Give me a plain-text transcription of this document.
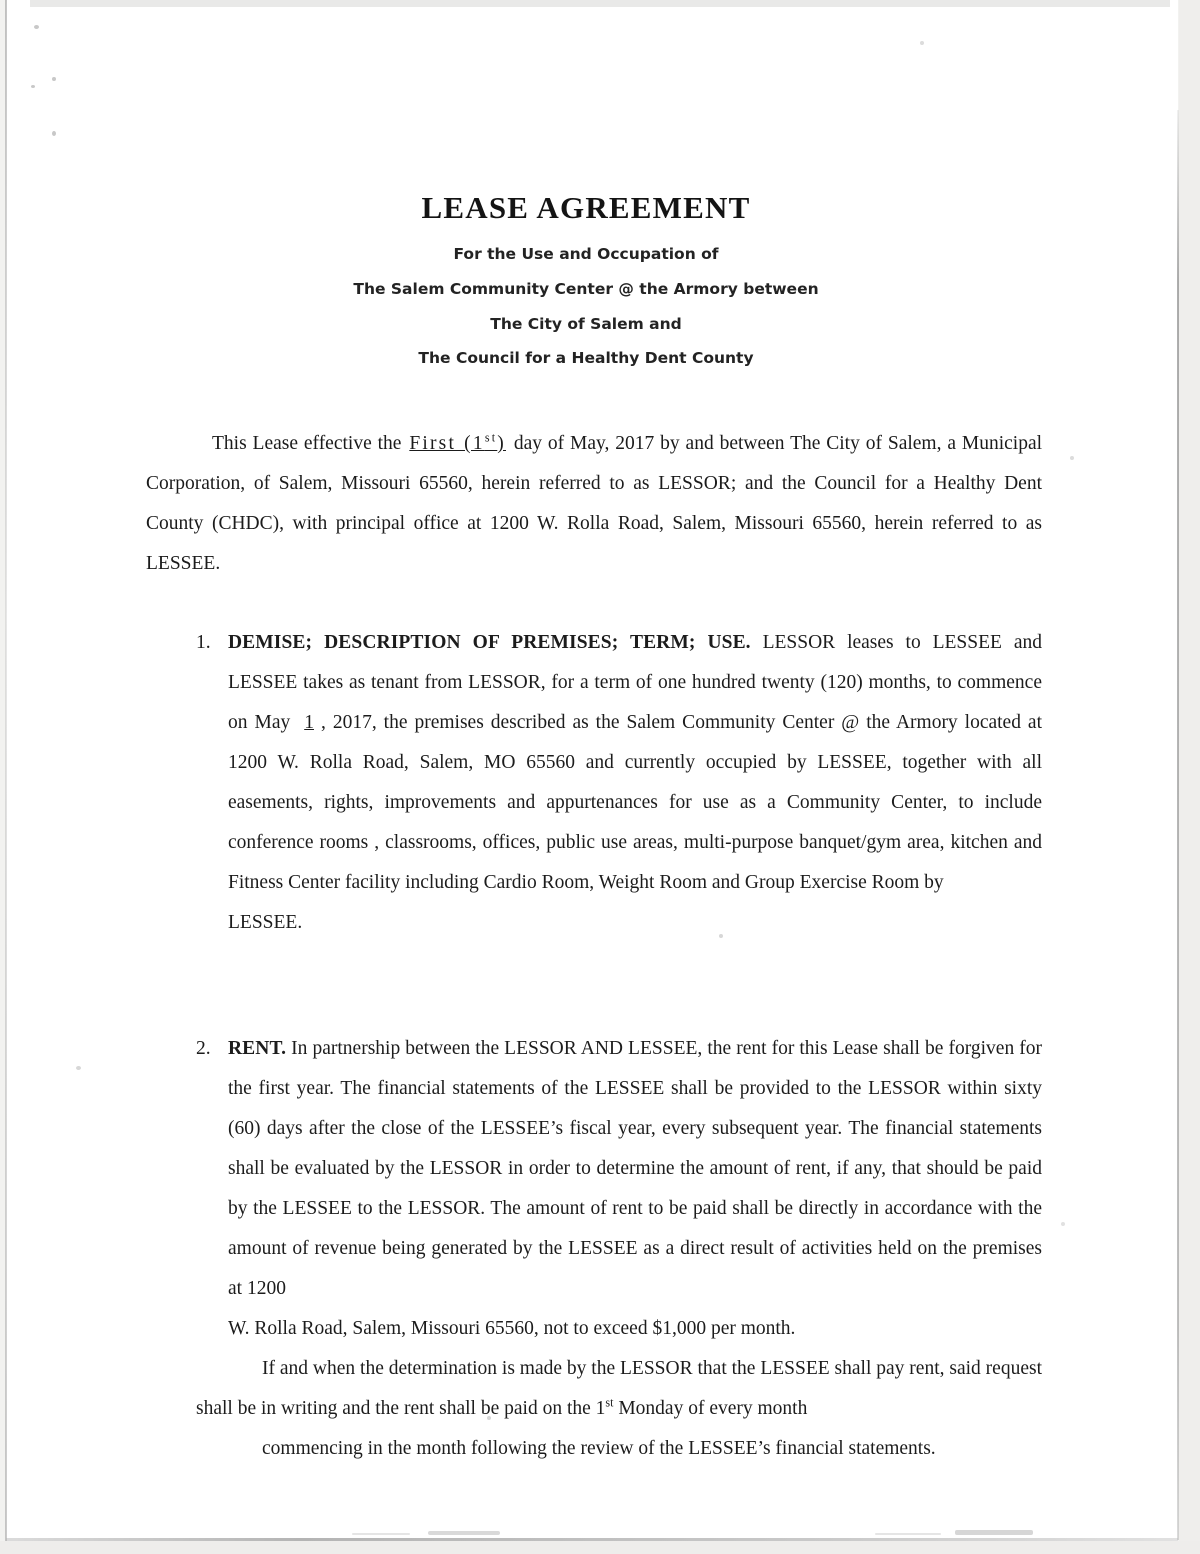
LEASE AGREEMENT
For the Use and Occupation of
The Salem Community Center @ the Armory between
The City of Salem and
The Council for a Healthy Dent County
This Lease effective the First (1st) day of May, 2017 by and between The City of Salem, a Municipal Corporation, of Salem, Missouri 65560, herein referred to as LESSOR; and the Council for a Healthy Dent County (CHDC), with principal office at 1200 W. Rolla Road, Salem, Missouri 65560, herein referred to as LESSEE.
1. DEMISE; DESCRIPTION OF PREMISES; TERM; USE. LESSOR leases to LESSEE and LESSEE takes as tenant from LESSOR, for a term of one hundred twenty (120) months, to commence on May 1 , 2017, the premises described as the Salem Community Center @ the Armory located at 1200 W. Rolla Road, Salem, MO 65560 and currently occupied by LESSEE, together with all easements, rights, improvements and appurtenances for use as a Community Center, to include conference rooms , classrooms, offices, public use areas, multi-purpose banquet/gym area, kitchen and Fitness Center facility including Cardio Room, Weight Room and Group Exercise Room by
LESSEE.
2. RENT. In partnership between the LESSOR AND LESSEE, the rent for this Lease shall be forgiven for the first year. The financial statements of the LESSEE shall be provided to the LESSOR within sixty (60) days after the close of the LESSEE’s fiscal year, every subsequent year. The financial statements shall be evaluated by the LESSOR in order to determine the amount of rent, if any, that should be paid by the LESSEE to the LESSOR. The amount of rent to be paid shall be directly in accordance with the amount of revenue being generated by the LESSEE as a direct result of activities held on the premises at 1200
W. Rolla Road, Salem, Missouri 65560, not to exceed $1,000 per month.
If and when the determination is made by the LESSOR that the LESSEE shall pay rent, said request shall be in writing and the rent shall be paid on the 1st Monday of every month
commencing in the month following the review of the LESSEE’s financial statements.
